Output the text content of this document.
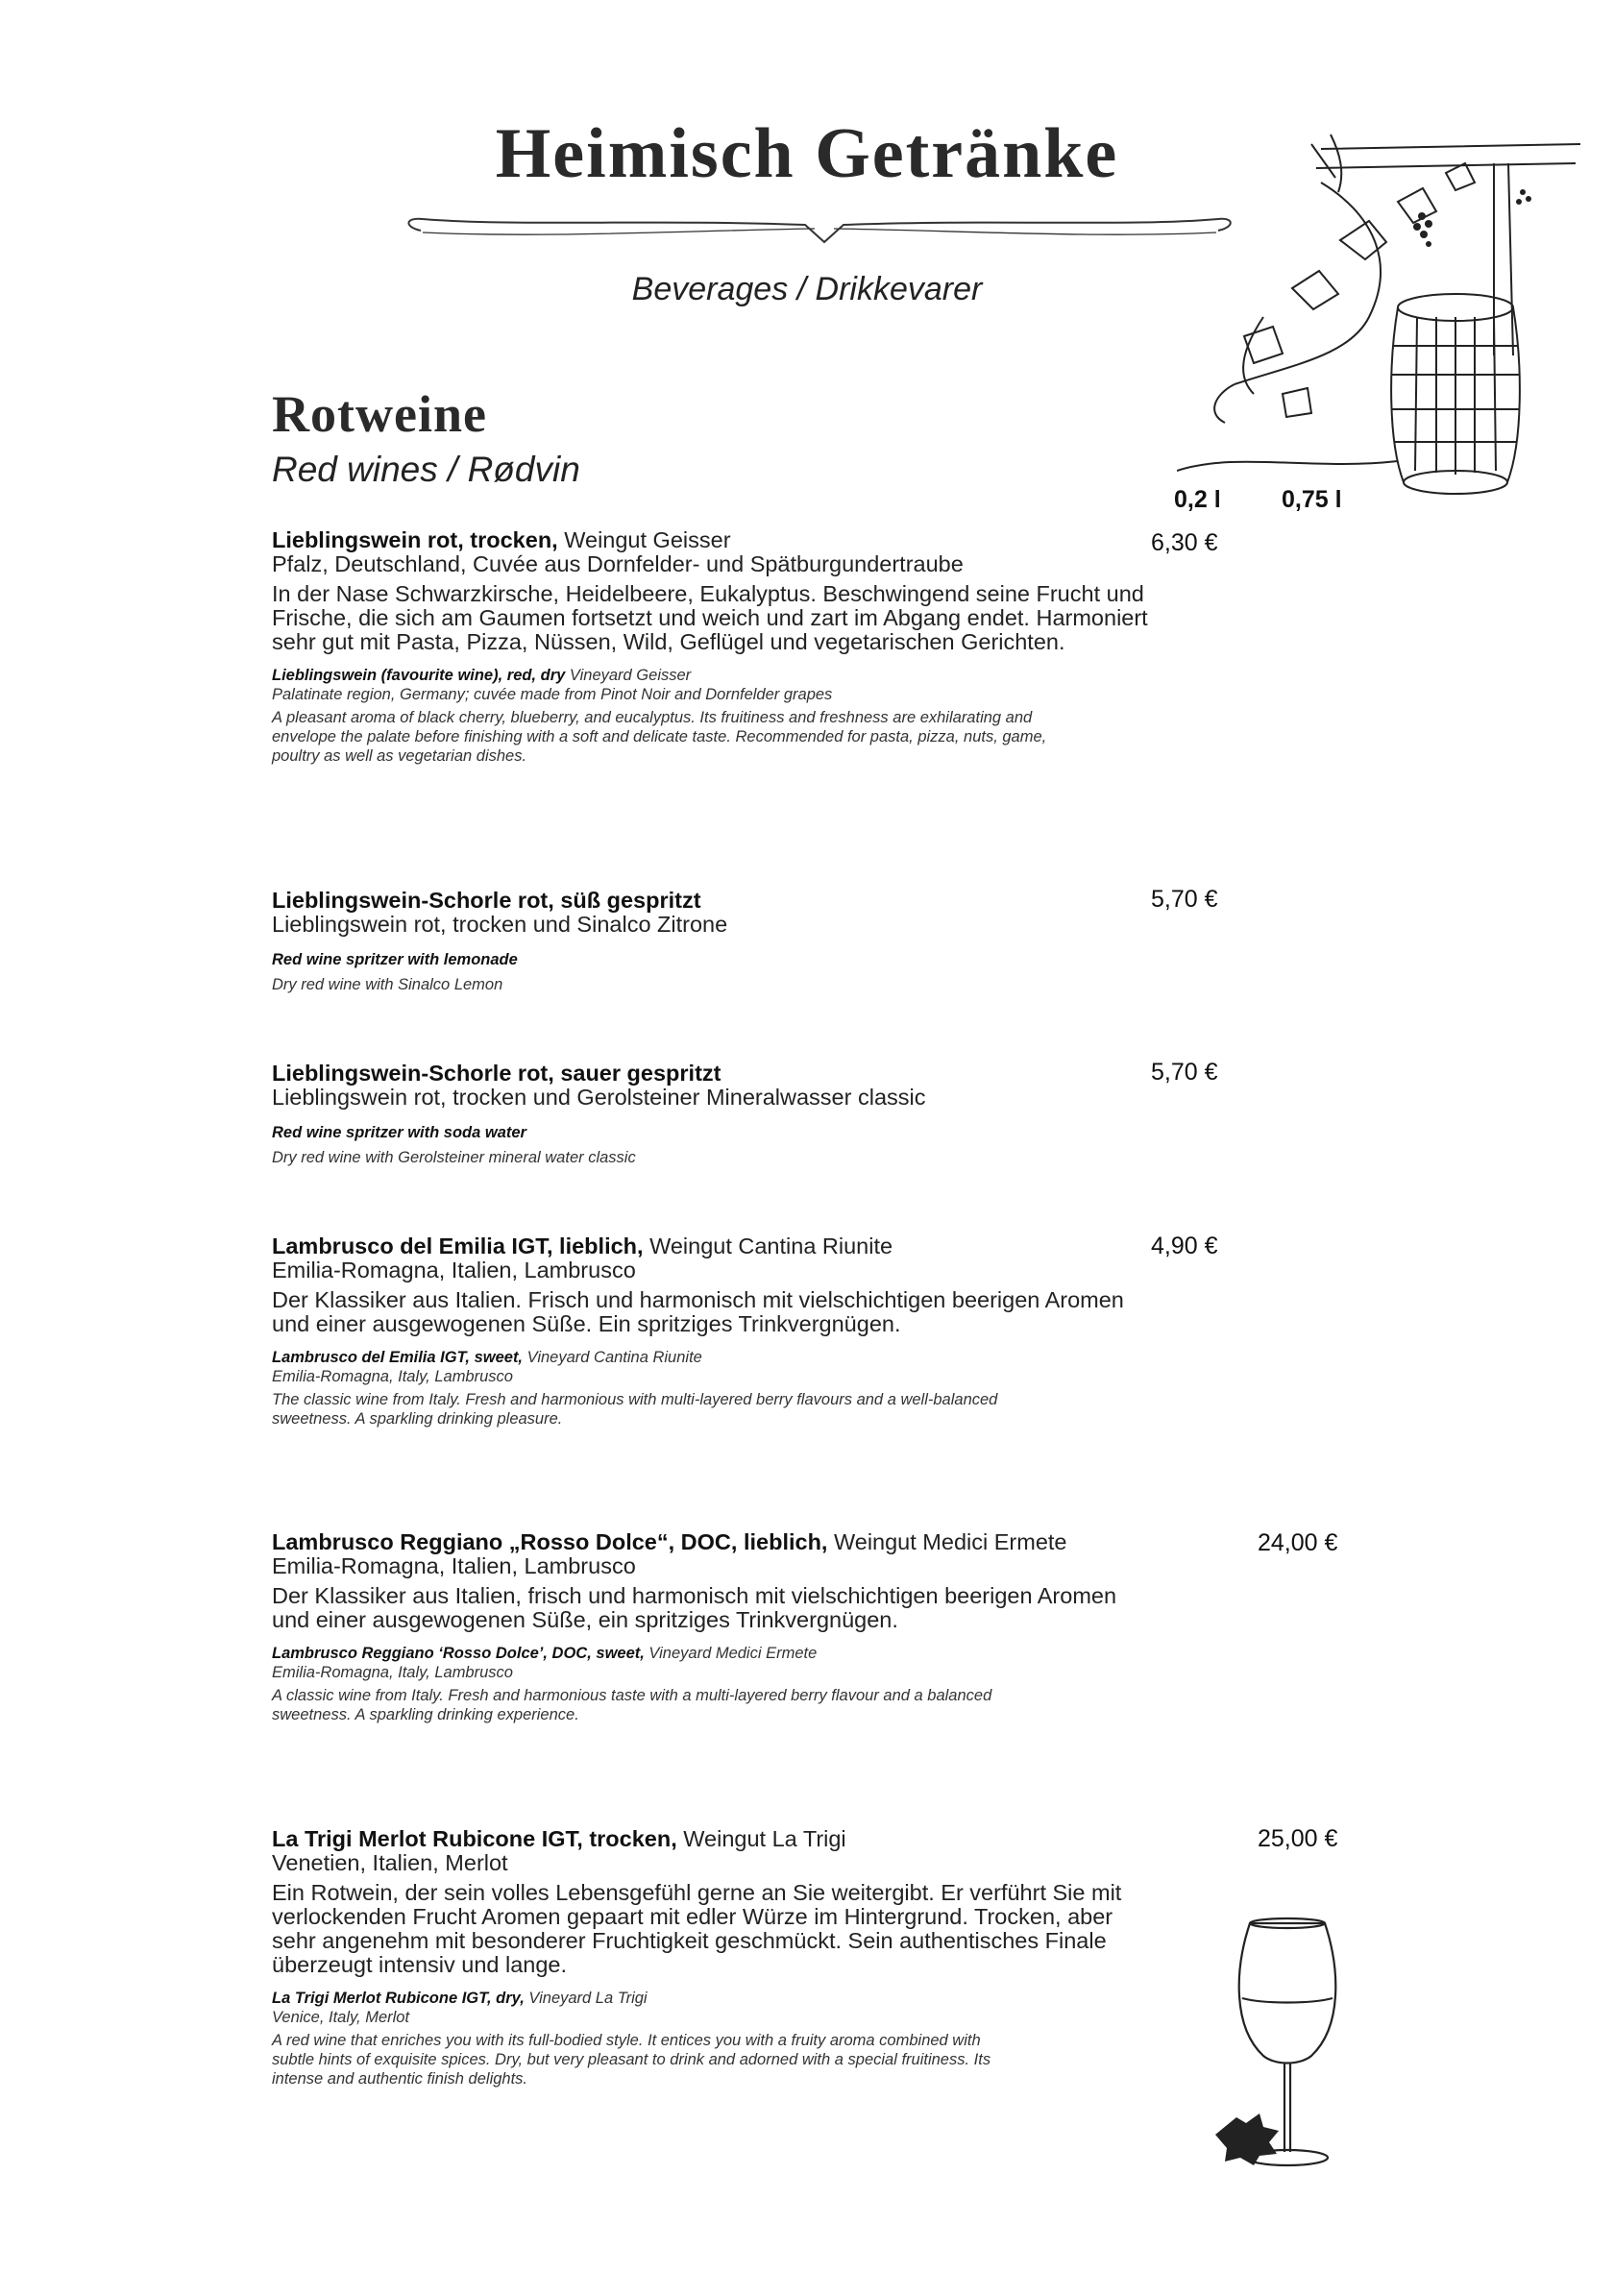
Heimisch Getränke
Beverages / Drikkevarer
Rotweine
Red wines / Rødvin
0,2 l	0,75 l
Lieblingswein rot, trocken, Weingut Geisser
Pfalz, Deutschland, Cuvée aus Dornfelder- und Spätburgundertraube
In der Nase Schwarzkirsche, Heidelbeere, Eukalyptus. Beschwingend seine Frucht und
Frische, die sich am Gaumen fortsetzt und weich und zart im Abgang endet. Harmoniert
sehr gut mit Pasta, Pizza, Nüssen, Wild, Geflügel und vegetarischen Gerichten.
Lieblingswein (favourite wine), red, dry Vineyard Geisser
Palatinate region, Germany; cuvée made from Pinot Noir and Dornfelder grapes
A pleasant aroma of black cherry, blueberry, and eucalyptus. Its fruitiness and freshness are exhilarating and
envelope the palate before finishing with a soft and delicate taste. Recommended for pasta, pizza, nuts, game,
poultry as well as vegetarian dishes.
6,30 €
Lieblingswein-Schorle rot, süß gespritzt
Lieblingswein rot, trocken und Sinalco Zitrone
Red wine spritzer with lemonade
Dry red wine with Sinalco Lemon
5,70 €
Lieblingswein-Schorle rot, sauer gespritzt
Lieblingswein rot, trocken und Gerolsteiner Mineralwasser classic
Red wine spritzer with soda water
Dry red wine with Gerolsteiner mineral water classic
5,70 €
Lambrusco del Emilia IGT, lieblich, Weingut Cantina Riunite
Emilia-Romagna, Italien, Lambrusco
Der Klassiker aus Italien. Frisch und harmonisch mit vielschichtigen beerigen Aromen
und einer ausgewogenen Süße. Ein spritziges Trinkvergnügen.
Lambrusco del Emilia IGT, sweet, Vineyard Cantina Riunite
Emilia-Romagna, Italy, Lambrusco
The classic wine from Italy. Fresh and harmonious with multi-layered berry flavours and a well-balanced
sweetness. A sparkling drinking pleasure.
4,90 €
Lambrusco Reggiano „Rosso Dolce“, DOC, lieblich, Weingut Medici Ermete
Emilia-Romagna, Italien, Lambrusco
Der Klassiker aus Italien, frisch und harmonisch mit vielschichtigen beerigen Aromen
und einer ausgewogenen Süße, ein spritziges Trinkvergnügen.
Lambrusco Reggiano ‘Rosso Dolce’, DOC, sweet, Vineyard Medici Ermete
Emilia-Romagna, Italy, Lambrusco
A classic wine from Italy. Fresh and harmonious taste with a multi-layered berry flavour and a balanced
sweetness. A sparkling drinking experience.
24,00 €
La Trigi Merlot Rubicone IGT, trocken, Weingut La Trigi
Venetien, Italien, Merlot
Ein Rotwein, der sein volles Lebensgefühl gerne an Sie weitergibt. Er verführt Sie mit
verlockenden Frucht Aromen gepaart mit edler Würze im Hintergrund. Trocken, aber
sehr angenehm mit besonderer Fruchtigkeit geschmückt. Sein authentisches Finale
überzeugt intensiv und lange.
La Trigi Merlot Rubicone IGT, dry, Vineyard La Trigi
Venice, Italy, Merlot
A red wine that enriches you with its full-bodied style. It entices you with a fruity aroma combined with
subtle hints of exquisite spices. Dry, but very pleasant to drink and adorned with a special fruitiness. Its
intense and authentic finish delights.
25,00 €
